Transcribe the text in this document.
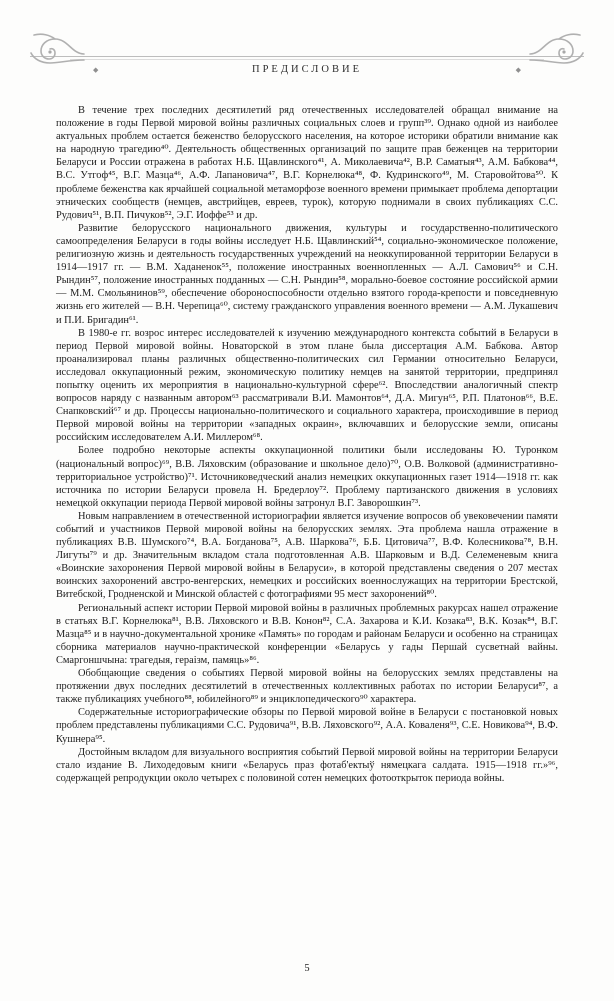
◆	ПРЕДИСЛОВИЕ	◆

В течение трех последних десятилетий ряд отечественных исследователей обращал внимание на положение в годы Первой мировой войны различных социальных слоев и групп³⁹. Однако одной из наиболее актуальных проблем остается беженство белорусского населения, на которое историки обратили внимание как на народную трагедию⁴⁰. Деятельность общественных организаций по защите прав беженцев на территории Беларуси и России отражена в работах Н.Б. Щавлинского⁴¹, А. Миколаевича⁴², В.Р. Саматыя⁴³, А.М. Бабкова⁴⁴, В.С. Утгоф⁴⁵, В.Г. Мазца⁴⁶, А.Ф. Лапановича⁴⁷, В.Г. Корнелюка⁴⁸, Ф. Кудринского⁴⁹, М. Старовойтова⁵⁰. К проблеме беженства как ярчайшей социальной метаморфозе военного времени примыкает проблема депортации этнических сообществ (немцев, австрийцев, евреев, турок), которую поднимали в своих публикациях С.С. Рудович⁵¹, В.П. Пичуков⁵², Э.Г. Иоффе⁵³ и др.

Развитие белорусского национального движения, культуры и государственно-политического самоопределения Беларуси в годы войны исследует Н.Б. Щавлинский⁵⁴, социально-экономическое положение, религиозную жизнь и деятельность государственных учреждений на неоккупированной территории Беларуси в 1914—1917 гг. — В.М. Хаданенок⁵⁵, положение иностранных военнопленных — А.Л. Самович⁵⁶ и С.Н. Рындин⁵⁷, положение иностранных подданных — С.Н. Рындин⁵⁸, морально-боевое состояние российской армии — М.М. Смольянинов⁵⁹, обеспечение обороноспособности отдельно взятого города-крепости и повседневную жизнь его жителей — В.Н. Черепица⁶⁰, систему гражданского управления военного времени — А.М. Лукашевич и П.И. Бригадин⁶¹.

В 1980-е гг. возрос интерес исследователей к изучению международного контекста событий в Беларуси в период Первой мировой войны. Новаторской в этом плане была диссертация А.М. Бабкова. Автор проанализировал планы различных общественно-политических сил Германии относительно Беларуси, исследовал оккупационный режим, экономическую политику немцев на занятой территории, предпринял попытку оценить их мероприятия в национально-культурной сфере⁶². Впоследствии аналогичный спектр вопросов наряду с названным автором⁶³ рассматривали В.И. Мамонтов⁶⁴, Д.А. Мигун⁶⁵, Р.П. Платонов⁶⁶, В.Е. Снапковский⁶⁷ и др. Процессы национально-политического и социального характера, происходившие в период Первой мировой войны на территории «западных окраин», включавших и белорусские земли, описаны российским исследователем А.И. Миллером⁶⁸.

Более подробно некоторые аспекты оккупационной политики были исследованы Ю. Туронком (национальный вопрос)⁶⁹, В.В. Ляховским (образование и школьное дело)⁷⁰, О.В. Волковой (административно-территориальное устройство)⁷¹. Источниковедческий анализ немецких оккупационных газет 1914—1918 гг. как источника по истории Беларуси провела Н. Бредерлоу⁷². Проблему партизанского движения в условиях немецкой оккупации периода Первой мировой войны затронул В.Г. Заворошкин⁷³.

Новым направлением в отечественной историографии является изучение вопросов об увековечении памяти событий и участников Первой мировой войны на белорусских землях. Эта проблема нашла отражение в публикациях В.В. Шумского⁷⁴, В.А. Богданова⁷⁵, А.В. Шаркова⁷⁶, Б.Б. Цитовича⁷⁷, В.Ф. Колесникова⁷⁸, В.Н. Лигуты⁷⁹ и др. Значительным вкладом стала подготовленная А.В. Шарковым и В.Д. Селеменевым книга «Воинские захоронения Первой мировой войны в Беларуси», в которой представлены сведения о 207 местах воинских захоронений австро-венгерских, немецких и российских военнослужащих на территории Брестской, Витебской, Гродненской и Минской областей с фотографиями 95 мест захоронений⁸⁰.

Региональный аспект истории Первой мировой войны в различных проблемных ракурсах нашел отражение в статьях В.Г. Корнелюка⁸¹, В.В. Ляховского и В.В. Конон⁸², С.А. Захарова и К.И. Козака⁸³, В.К. Козак⁸⁴, В.Г. Мазца⁸⁵ и в научно-документальной хронике «Память» по городам и районам Беларуси и особенно на страницах сборника материалов научно-практической конференции «Беларусь у гады Першай сусветнай вайны. Смаргоншчына: трагедыя, гераізм, памяць»⁸⁶.

Обобщающие сведения о событиях Первой мировой войны на белорусских землях представлены на протяжении двух последних десятилетий в отечественных коллективных работах по истории Беларуси⁸⁷, а также публикациях учебного⁸⁸, юбилейного⁸⁹ и энциклопедического⁹⁰ характера.

Содержательные историографические обзоры по Первой мировой войне в Беларуси с постановкой новых проблем представлены публикациями С.С. Рудовича⁹¹, В.В. Ляховского⁹², А.А. Коваленя⁹³, С.Е. Новикова⁹⁴, В.Ф. Кушнера⁹⁵.

Достойным вкладом для визуального восприятия событий Первой мировой войны на территории Беларуси стало издание В. Лиходедовым книги «Беларусь праз фотаб'ектыў нямецкага салдата. 1915—1918 гг.»⁹⁶, содержащей репродукции около четырех с половиной сотен немецких фотооткрыток периода войны.

5
